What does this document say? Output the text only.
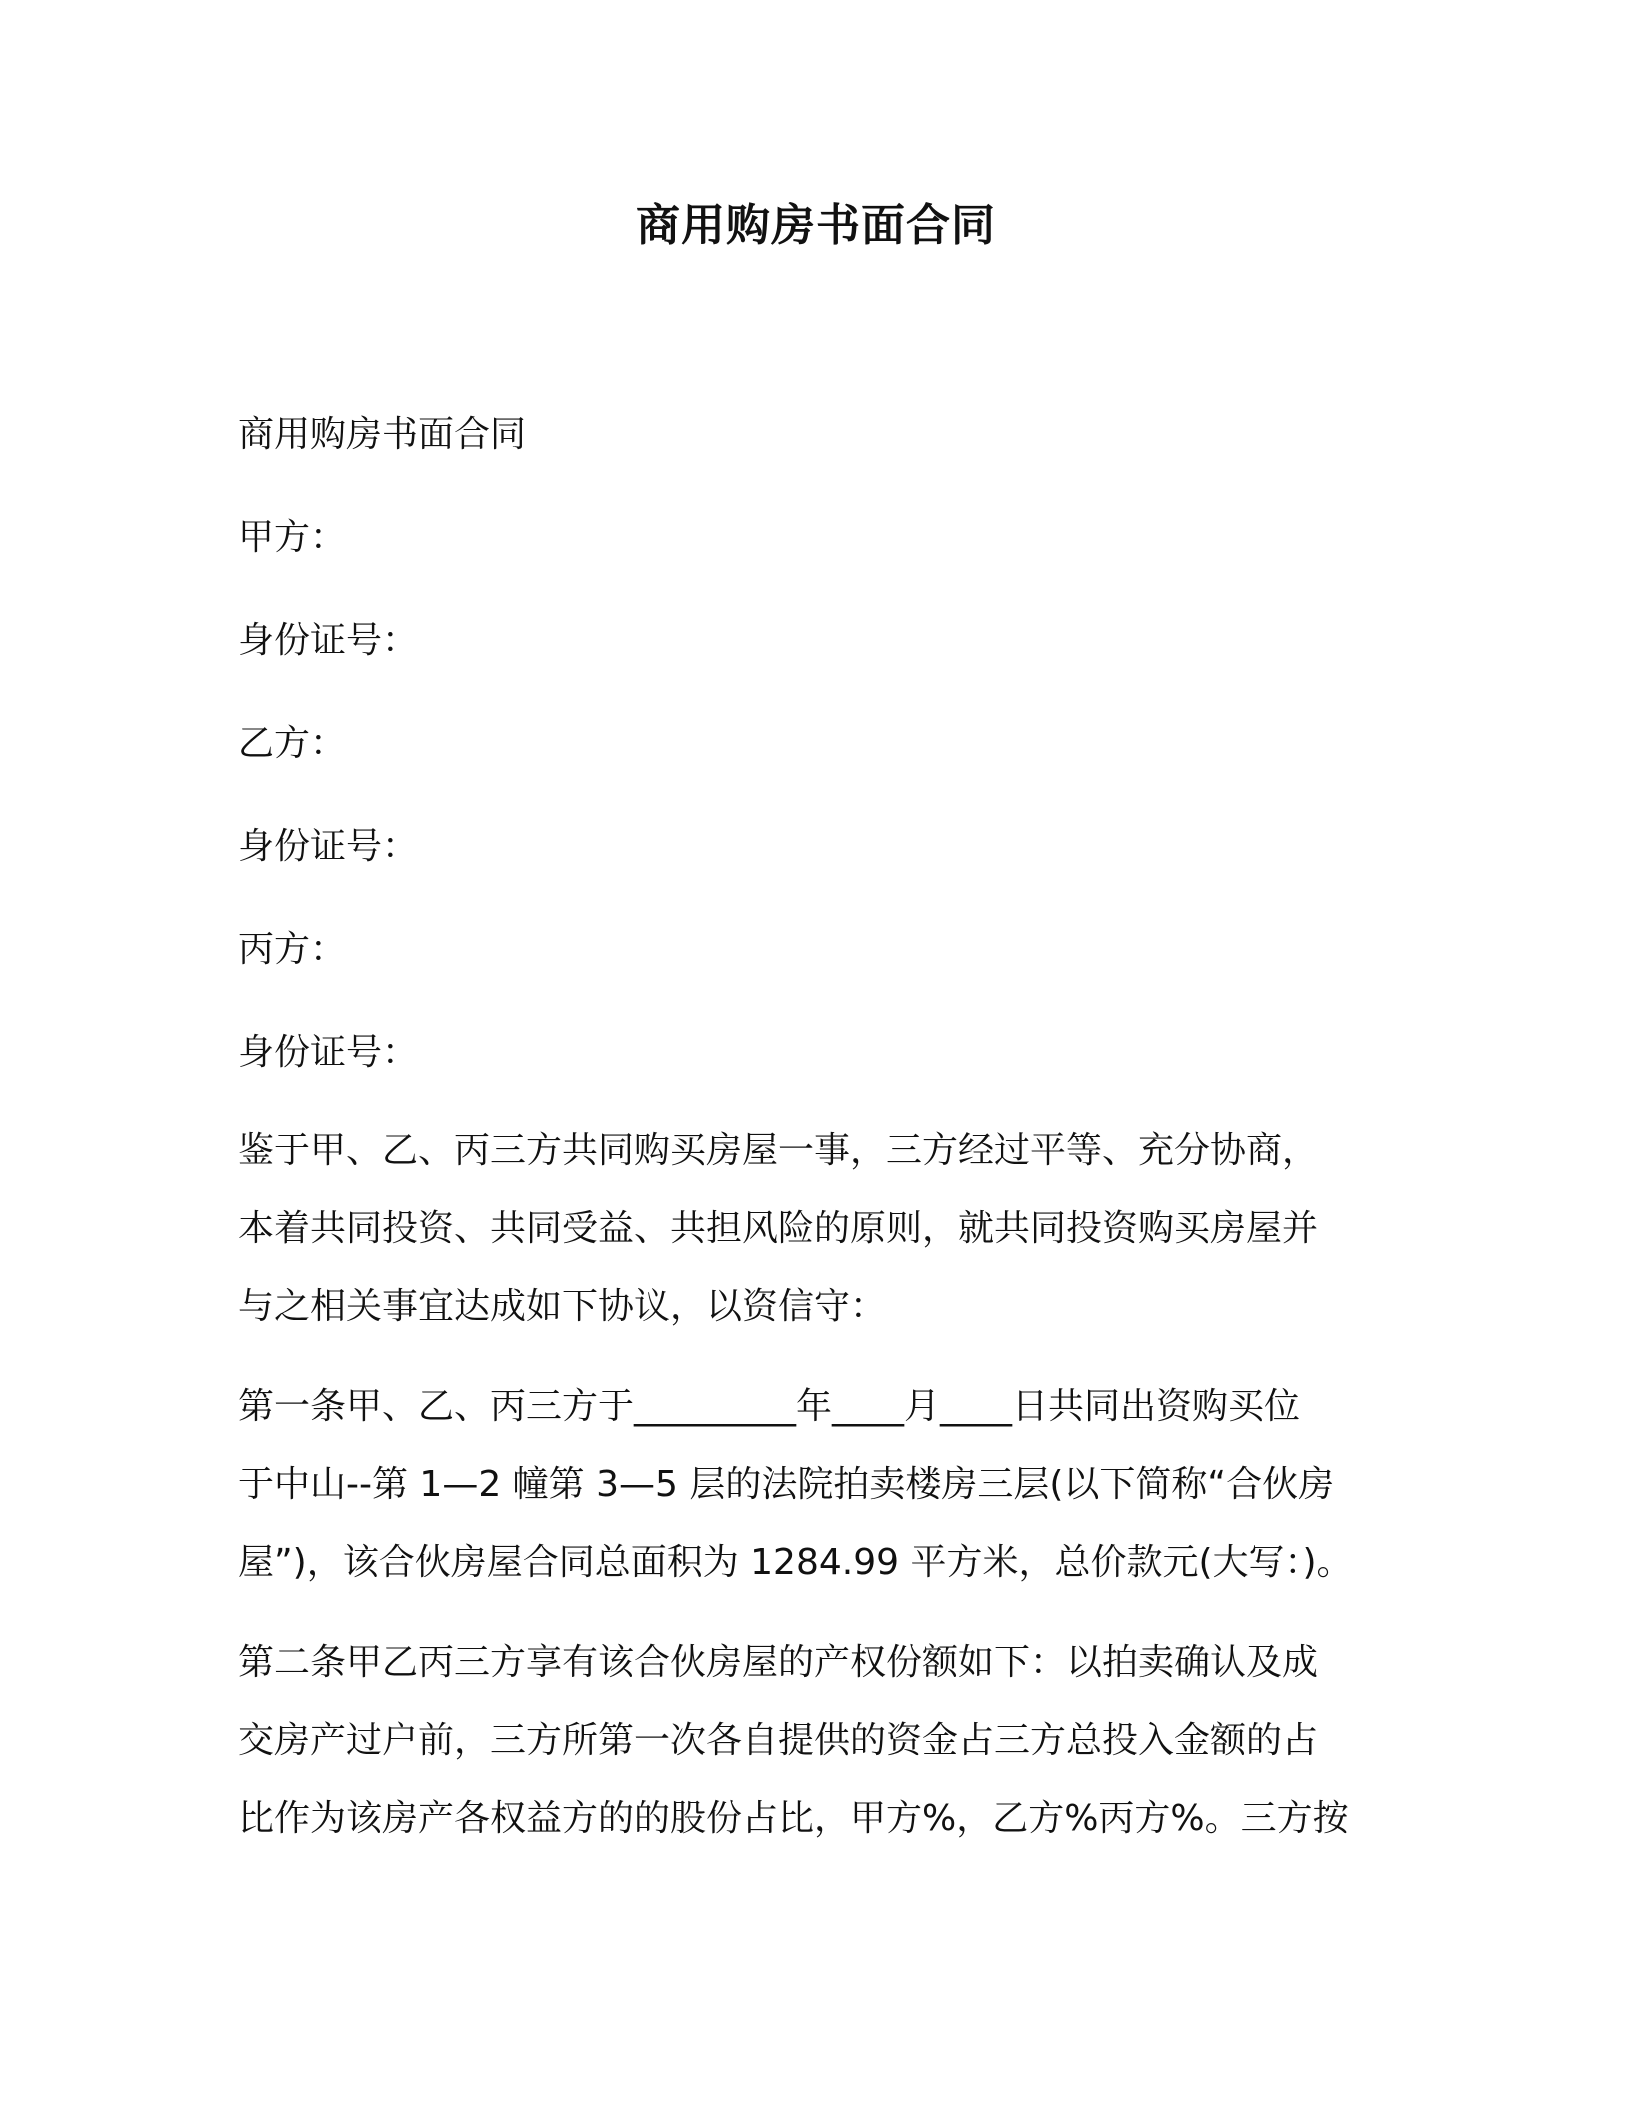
商用购房书面合同

商用购房书面合同

甲方：

身份证号：

乙方：

身份证号：

丙方：

身份证号：

鉴于甲、乙、丙三方共同购买房屋一事，三方经过平等、充分协商，
本着共同投资、共同受益、共担风险的原则，就共同投资购买房屋并
与之相关事宜达成如下协议，以资信守：
第一条甲、乙、丙三方于_________年____月____日共同出资购买位
于中山--第 1—2 幢第 3—5 层的法院拍卖楼房三层(以下简称“合伙房
屋”)，该合伙房屋合同总面积为 1284.99 平方米，总价款元(大写：)。
第二条甲乙丙三方享有该合伙房屋的产权份额如下：以拍卖确认及成
交房产过户前，三方所第一次各自提供的资金占三方总投入金额的占
比作为该房产各权益方的的股份占比，甲方%，乙方%丙方%。三方按
